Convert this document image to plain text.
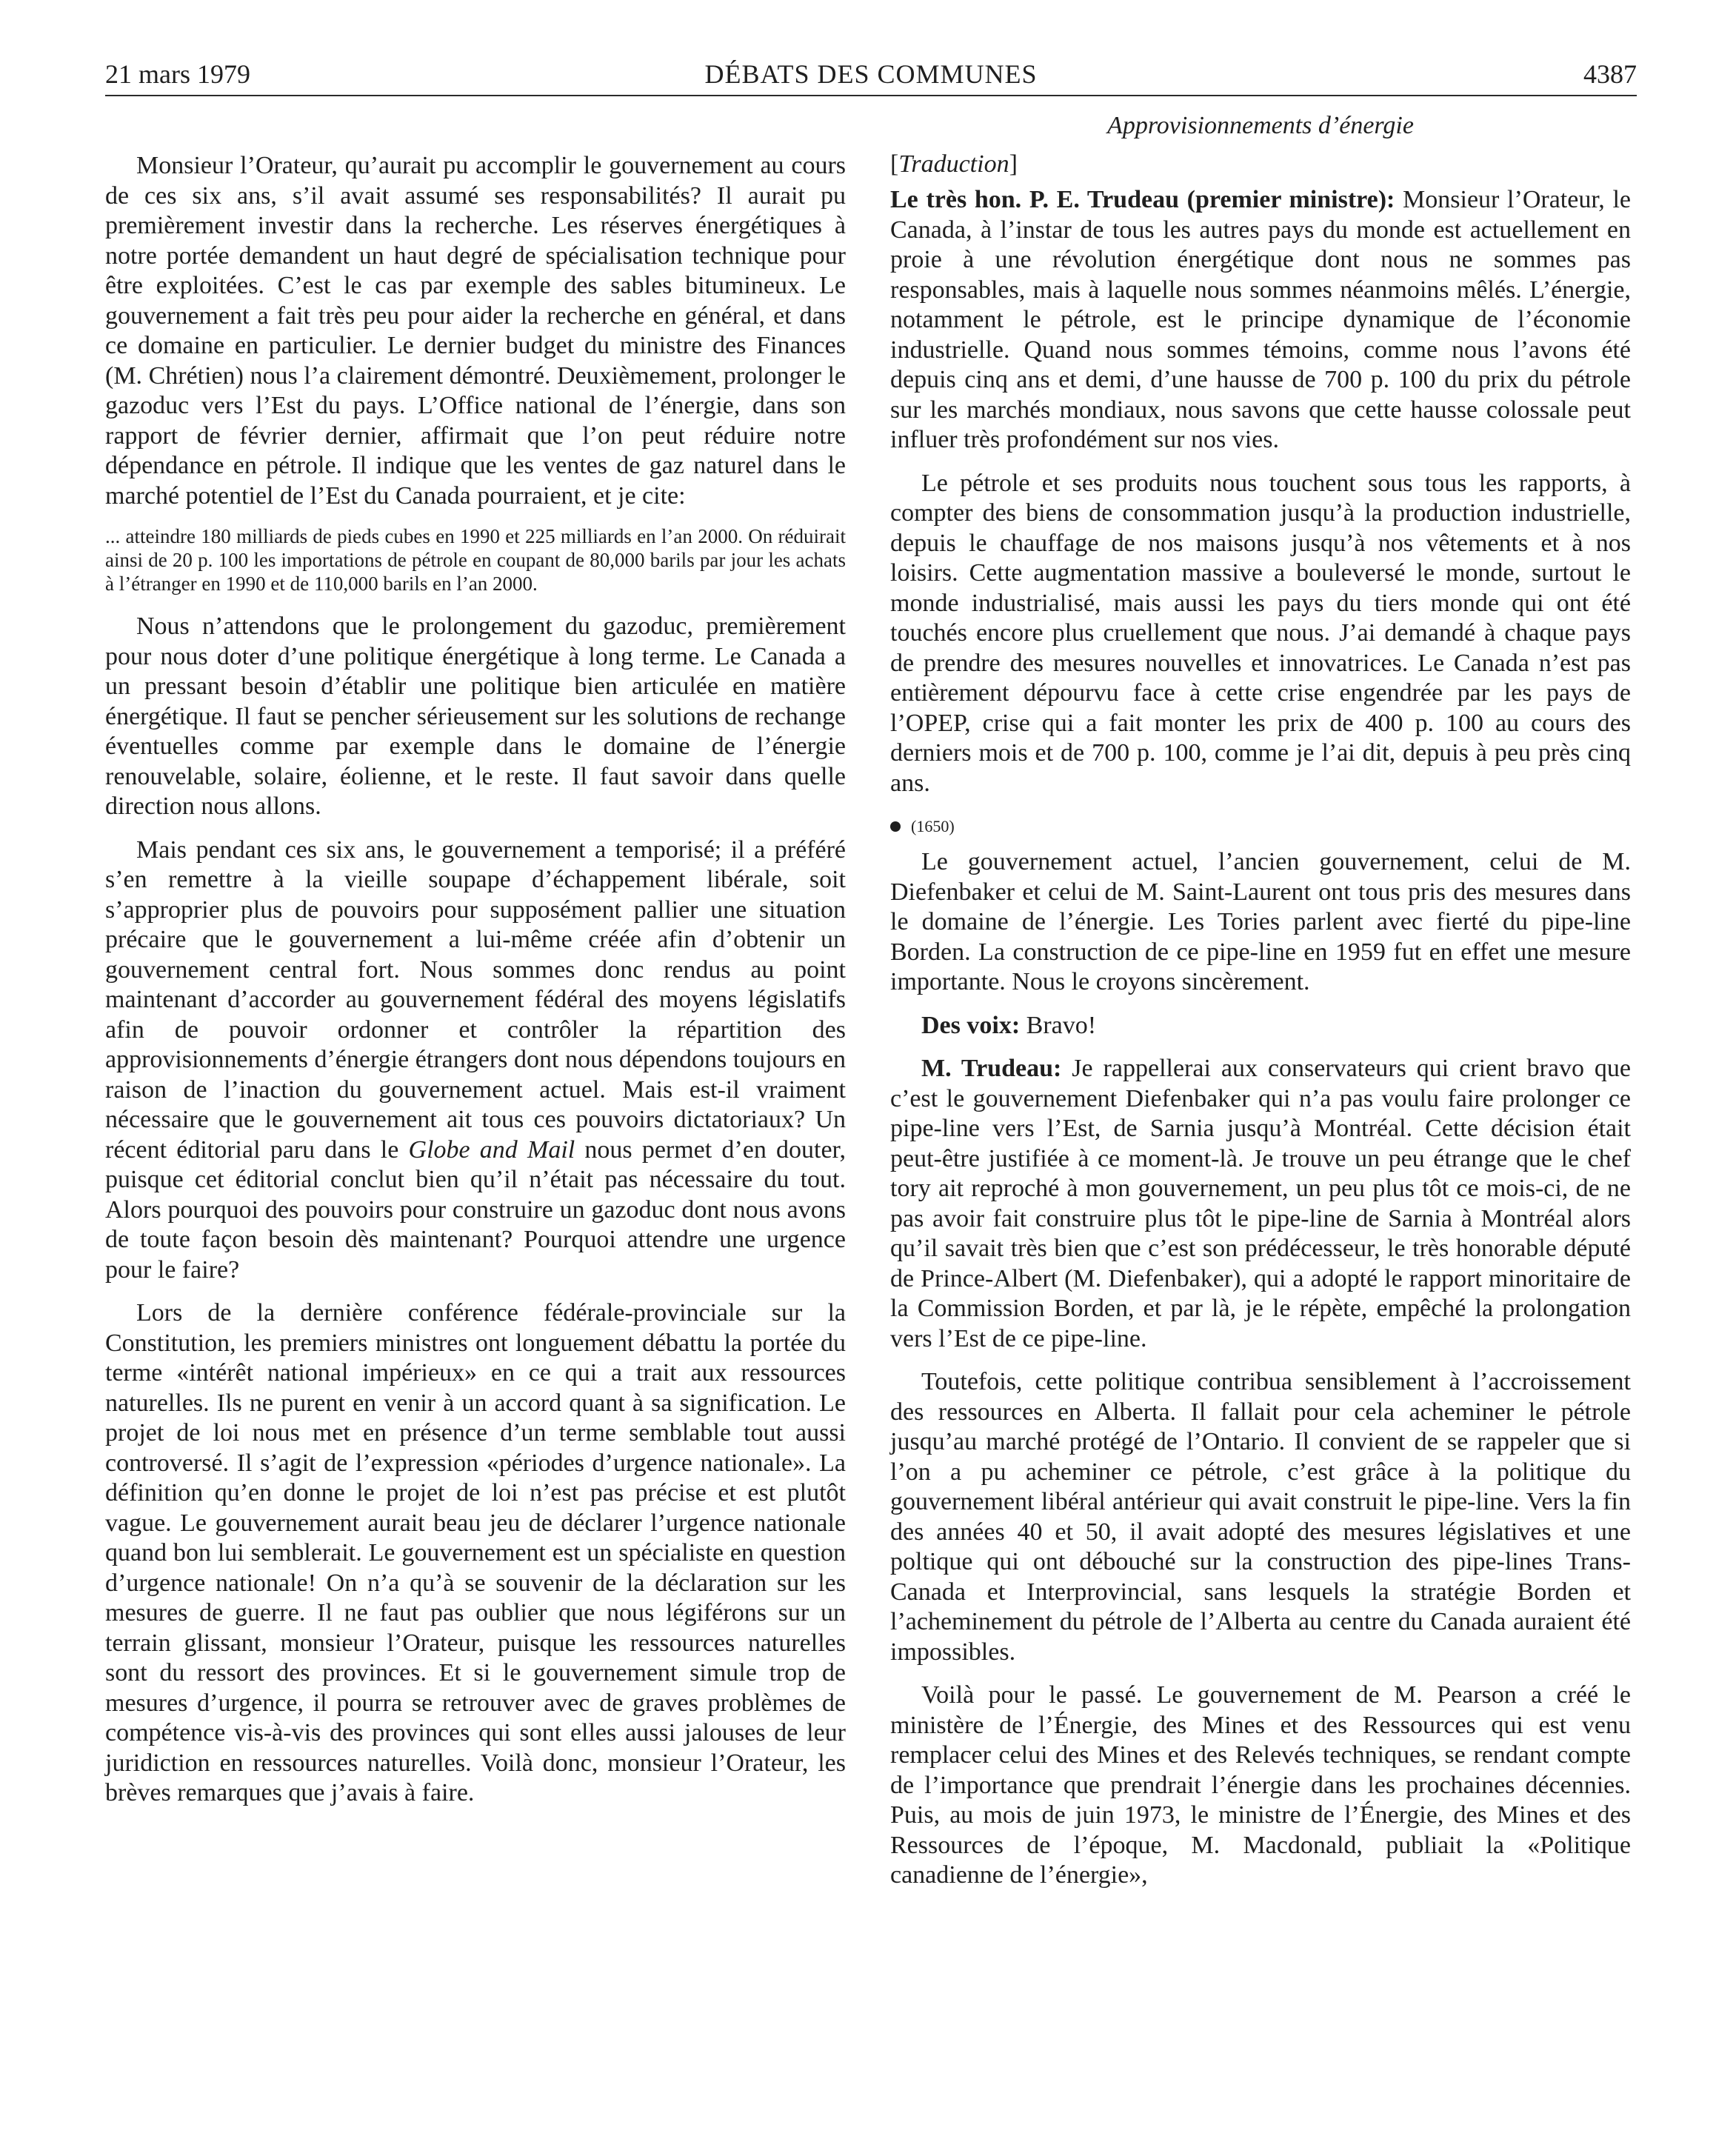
21 mars 1979	DÉBATS DES COMMUNES	4387

Monsieur l’Orateur, qu’aurait pu accomplir le gouvernement au cours de ces six ans, s’il avait assumé ses responsabilités? Il aurait pu premièrement investir dans la recherche. Les réserves énergétiques à notre portée demandent un haut degré de spécialisation technique pour être exploitées. C’est le cas par exemple des sables bitumineux. Le gouvernement a fait très peu pour aider la recherche en général, et dans ce domaine en particulier. Le dernier budget du ministre des Finances (M. Chrétien) nous l’a clairement démontré. Deuxièmement, prolonger le gazoduc vers l’Est du pays. L’Office national de l’énergie, dans son rapport de février dernier, affirmait que l’on peut réduire notre dépendance en pétrole. Il indique que les ventes de gaz naturel dans le marché potentiel de l’Est du Canada pourraient, et je cite:

... atteindre 180 milliards de pieds cubes en 1990 et 225 milliards en l’an 2000. On réduirait ainsi de 20 p. 100 les importations de pétrole en coupant de 80,000 barils par jour les achats à l’étranger en 1990 et de 110,000 barils en l’an 2000.

Nous n’attendons que le prolongement du gazoduc, premièrement pour nous doter d’une politique énergétique à long terme. Le Canada a un pressant besoin d’établir une politique bien articulée en matière énergétique. Il faut se pencher sérieusement sur les solutions de rechange éventuelles comme par exemple dans le domaine de l’énergie renouvelable, solaire, éolienne, et le reste. Il faut savoir dans quelle direction nous allons.

Mais pendant ces six ans, le gouvernement a temporisé; il a préféré s’en remettre à la vieille soupape d’échappement libérale, soit s’approprier plus de pouvoirs pour supposément pallier une situation précaire que le gouvernement a lui-même créée afin d’obtenir un gouvernement central fort. Nous sommes donc rendus au point maintenant d’accorder au gouvernement fédéral des moyens législatifs afin de pouvoir ordonner et contrôler la répartition des approvisionnements d’énergie étrangers dont nous dépendons toujours en raison de l’inaction du gouvernement actuel. Mais est-il vraiment nécessaire que le gouvernement ait tous ces pouvoirs dictatoriaux? Un récent éditorial paru dans le Globe and Mail nous permet d’en douter, puisque cet éditorial conclut bien qu’il n’était pas nécessaire du tout. Alors pourquoi des pouvoirs pour construire un gazoduc dont nous avons de toute façon besoin dès maintenant? Pourquoi attendre une urgence pour le faire?

Lors de la dernière conférence fédérale-provinciale sur la Constitution, les premiers ministres ont longuement débattu la portée du terme «intérêt national impérieux» en ce qui a trait aux ressources naturelles. Ils ne purent en venir à un accord quant à sa signification. Le projet de loi nous met en présence d’un terme semblable tout aussi controversé. Il s’agit de l’expression «périodes d’urgence nationale». La définition qu’en donne le projet de loi n’est pas précise et est plutôt vague. Le gouvernement aurait beau jeu de déclarer l’urgence nationale quand bon lui semblerait. Le gouvernement est un spécialiste en question d’urgence nationale! On n’a qu’à se souvenir de la déclaration sur les mesures de guerre. Il ne faut pas oublier que nous légiférons sur un terrain glissant, monsieur l’Orateur, puisque les ressources naturelles sont du ressort des provinces. Et si le gouvernement simule trop de mesures d’urgence, il pourra se retrouver avec de graves problèmes de compétence vis-à-vis des provinces qui sont elles aussi jalouses de leur juridiction en ressources naturelles. Voilà donc, monsieur l’Orateur, les brèves remarques que j’avais à faire.

Approvisionnements d’énergie
[Traduction]

Le très hon. P. E. Trudeau (premier ministre): Monsieur l’Orateur, le Canada, à l’instar de tous les autres pays du monde est actuellement en proie à une révolution énergétique dont nous ne sommes pas responsables, mais à laquelle nous sommes néanmoins mêlés. L’énergie, notamment le pétrole, est le principe dynamique de l’économie industrielle. Quand nous sommes témoins, comme nous l’avons été depuis cinq ans et demi, d’une hausse de 700 p. 100 du prix du pétrole sur les marchés mondiaux, nous savons que cette hausse colossale peut influer très profondément sur nos vies.

Le pétrole et ses produits nous touchent sous tous les rapports, à compter des biens de consommation jusqu’à la production industrielle, depuis le chauffage de nos maisons jusqu’à nos vêtements et à nos loisirs. Cette augmentation massive a bouleversé le monde, surtout le monde industrialisé, mais aussi les pays du tiers monde qui ont été touchés encore plus cruellement que nous. J’ai demandé à chaque pays de prendre des mesures nouvelles et innovatrices. Le Canada n’est pas entièrement dépourvu face à cette crise engendrée par les pays de l’OPEP, crise qui a fait monter les prix de 400 p. 100 au cours des derniers mois et de 700 p. 100, comme je l’ai dit, depuis à peu près cinq ans.

(1650)

Le gouvernement actuel, l’ancien gouvernement, celui de M. Diefenbaker et celui de M. Saint-Laurent ont tous pris des mesures dans le domaine de l’énergie. Les Tories parlent avec fierté du pipe-line Borden. La construction de ce pipe-line en 1959 fut en effet une mesure importante. Nous le croyons sincèrement.

Des voix: Bravo!

M. Trudeau: Je rappellerai aux conservateurs qui crient bravo que c’est le gouvernement Diefenbaker qui n’a pas voulu faire prolonger ce pipe-line vers l’Est, de Sarnia jusqu’à Montréal. Cette décision était peut-être justifiée à ce moment-là. Je trouve un peu étrange que le chef tory ait reproché à mon gouvernement, un peu plus tôt ce mois-ci, de ne pas avoir fait construire plus tôt le pipe-line de Sarnia à Montréal alors qu’il savait très bien que c’est son prédécesseur, le très honorable député de Prince-Albert (M. Diefenbaker), qui a adopté le rapport minoritaire de la Commission Borden, et par là, je le répète, empêché la prolongation vers l’Est de ce pipe-line.

Toutefois, cette politique contribua sensiblement à l’accroissement des ressources en Alberta. Il fallait pour cela acheminer le pétrole jusqu’au marché protégé de l’Ontario. Il convient de se rappeler que si l’on a pu acheminer ce pétrole, c’est grâce à la politique du gouvernement libéral antérieur qui avait construit le pipe-line. Vers la fin des années 40 et 50, il avait adopté des mesures législatives et une poltique qui ont débouché sur la construction des pipe-lines Trans-Canada et Interprovincial, sans lesquels la stratégie Borden et l’acheminement du pétrole de l’Alberta au centre du Canada auraient été impossibles.

Voilà pour le passé. Le gouvernement de M. Pearson a créé le ministère de l’Énergie, des Mines et des Ressources qui est venu remplacer celui des Mines et des Relevés techniques, se rendant compte de l’importance que prendrait l’énergie dans les prochaines décennies. Puis, au mois de juin 1973, le ministre de l’Énergie, des Mines et des Ressources de l’époque, M. Macdonald, publiait la «Politique canadienne de l’énergie»,
